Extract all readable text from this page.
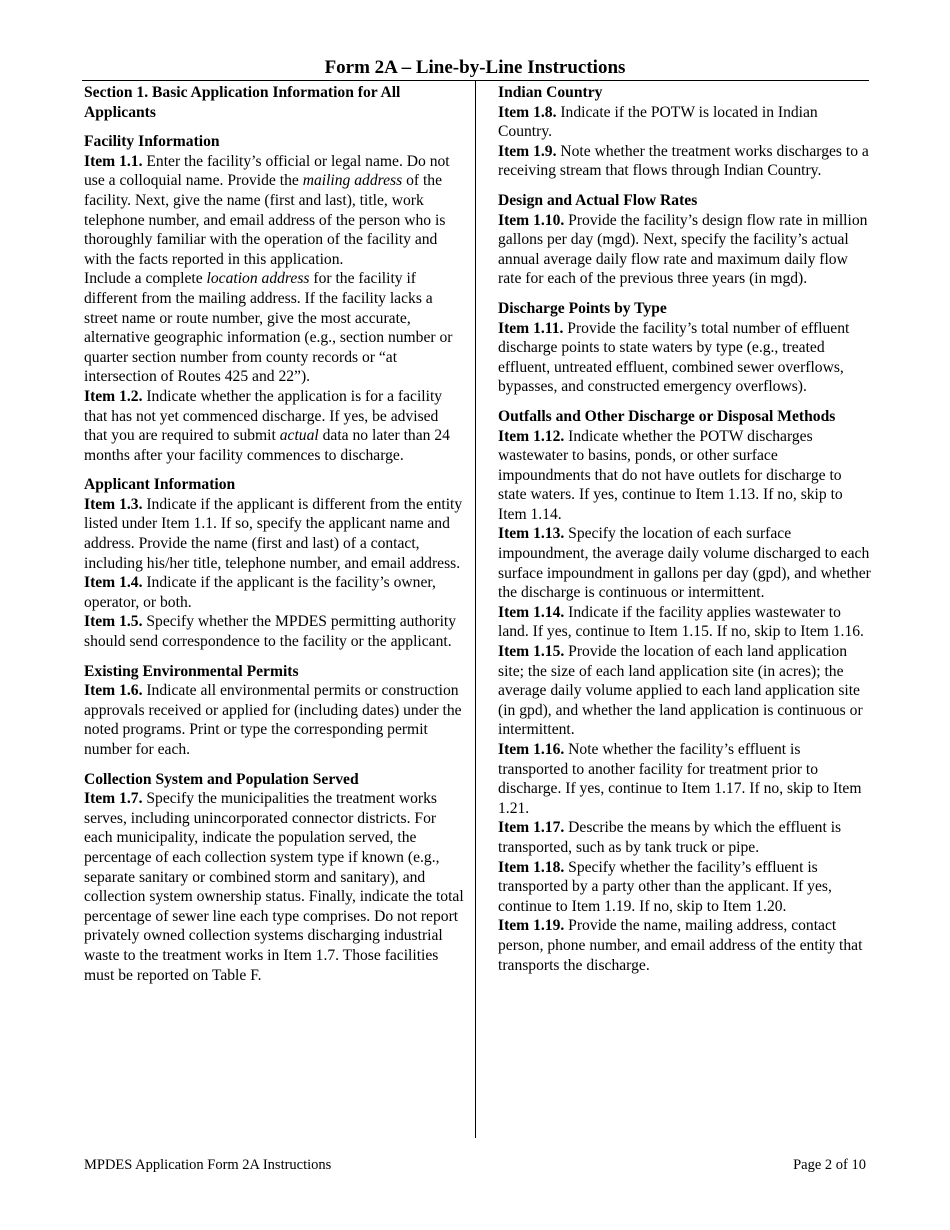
Form 2A – Line-by-Line Instructions
Section 1. Basic Application Information for All Applicants
Facility Information

Item 1.1. Enter the facility’s official or legal name. Do not use a colloquial name. Provide the mailing address of the facility. Next, give the name (first and last), title, work telephone number, and email address of the person who is thoroughly familiar with the operation of the facility and with the facts reported in this application.

Include a complete location address for the facility if different from the mailing address. If the facility lacks a street name or route number, give the most accurate, alternative geographic information (e.g., section number or quarter section number from county records or “at intersection of Routes 425 and 22”).

Item 1.2. Indicate whether the application is for a facility that has not yet commenced discharge. If yes, be advised that you are required to submit actual data no later than 24 months after your facility commences to discharge.

Applicant Information

Item 1.3. Indicate if the applicant is different from the entity listed under Item 1.1. If so, specify the applicant name and address. Provide the name (first and last) of a contact, including his/her title, telephone number, and email address.

Item 1.4. Indicate if the applicant is the facility’s owner, operator, or both.

Item 1.5. Specify whether the MPDES permitting authority should send correspondence to the facility or the applicant.

Existing Environmental Permits

Item 1.6. Indicate all environmental permits or construction approvals received or applied for (including dates) under the noted programs. Print or type the corresponding permit number for each.

Collection System and Population Served

Item 1.7. Specify the municipalities the treatment works serves, including unincorporated connector districts. For each municipality, indicate the population served, the percentage of each collection system type if known (e.g., separate sanitary or combined storm and sanitary), and collection system ownership status. Finally, indicate the total percentage of sewer line each type comprises. Do not report privately owned collection systems discharging industrial waste to the treatment works in Item 1.7. Those facilities must be reported on Table F.

Indian Country

Item 1.8. Indicate if the POTW is located in Indian Country.

Item 1.9. Note whether the treatment works discharges to a receiving stream that flows through Indian Country.

Design and Actual Flow Rates

Item 1.10. Provide the facility’s design flow rate in million gallons per day (mgd). Next, specify the facility’s actual annual average daily flow rate and maximum daily flow rate for each of the previous three years (in mgd).

Discharge Points by Type

Item 1.11. Provide the facility’s total number of effluent discharge points to state waters by type (e.g., treated effluent, untreated effluent, combined sewer overflows, bypasses, and constructed emergency overflows).

Outfalls and Other Discharge or Disposal Methods

Item 1.12. Indicate whether the POTW discharges wastewater to basins, ponds, or other surface impoundments that do not have outlets for discharge to state waters. If yes, continue to Item 1.13. If no, skip to Item 1.14.

Item 1.13. Specify the location of each surface impoundment, the average daily volume discharged to each surface impoundment in gallons per day (gpd), and whether the discharge is continuous or intermittent.

Item 1.14. Indicate if the facility applies wastewater to land. If yes, continue to Item 1.15. If no, skip to Item 1.16.

Item 1.15. Provide the location of each land application site; the size of each land application site (in acres); the average daily volume applied to each land application site (in gpd), and whether the land application is continuous or intermittent.

Item 1.16. Note whether the facility’s effluent is transported to another facility for treatment prior to discharge. If yes, continue to Item 1.17. If no, skip to Item 1.21.

Item 1.17. Describe the means by which the effluent is transported, such as by tank truck or pipe.

Item 1.18. Specify whether the facility’s effluent is transported by a party other than the applicant. If yes, continue to Item 1.19. If no, skip to Item 1.20.

Item 1.19. Provide the name, mailing address, contact person, phone number, and email address of the entity that transports the discharge.

MPDES Application Form 2A Instructions	Page 2 of 10
